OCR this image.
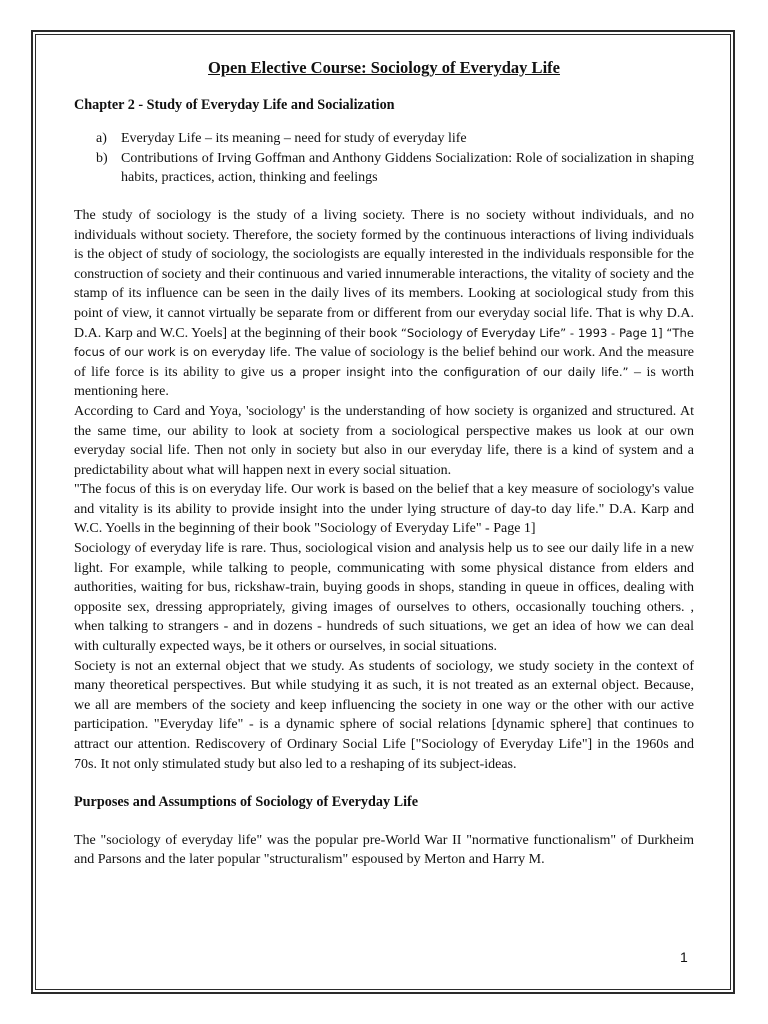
Open Elective Course: Sociology of Everyday Life
Chapter 2 - Study of Everyday Life and Socialization
a)	Everyday Life – its meaning – need for study of everyday life
b) Contributions of Irving Goffman and Anthony Giddens Socialization: Role of socialization in shaping habits, practices, action, thinking and feelings

The study of sociology is the study of a living society. There is no society without individuals, and no individuals without society. Therefore, the society formed by the continuous interactions of living individuals is the object of study of sociology, the sociologists are equally interested in the individuals responsible for the construction of society and their continuous and varied innumerable interactions, the vitality of society and the stamp of its influence can be seen in the daily lives of its members. Looking at sociological study from this point of view, it cannot virtually be separate from or different from our everyday social life. That is why D.A. D.A. Karp and W.C. Yoels] at the beginning of their book “Sociology of Everyday Life” - 1993 - Page 1] “The focus of our work is on everyday life. The value of sociology is the belief behind our work. And the measure of life force is its ability to give us a proper insight into the configuration of our daily life.” – is worth mentioning here.

According to Card and Yoya, 'sociology' is the understanding of how society is organized and structured. At the same time, our ability to look at society from a sociological perspective makes us look at our own everyday social life. Then not only in society but also in our everyday life, there is a kind of system and a predictability about what will happen next in every social situation.

"The focus of this is on everyday life. Our work is based on the belief that a key measure of sociology's value and vitality is its ability to provide insight into the under lying structure of day-to day life." D.A. Karp and W.C. Yoells in the beginning of their book "Sociology of Everyday Life" - Page 1]

Sociology of everyday life is rare. Thus, sociological vision and analysis help us to see our daily life in a new light. For example, while talking to people, communicating with some physical distance from elders and authorities, waiting for bus, rickshaw-train, buying goods in shops, standing in queue in offices, dealing with opposite sex, dressing appropriately, giving images of ourselves to others, occasionally touching others. , when talking to strangers - and in dozens - hundreds of such situations, we get an idea of how we can deal with culturally expected ways, be it others or ourselves, in social situations.

Society is not an external object that we study. As students of sociology, we study society in the context of many theoretical perspectives. But while studying it as such, it is not treated as an external object. Because, we all are members of the society and keep influencing the society in one way or the other with our active participation. "Everyday life" - is a dynamic sphere of social relations [dynamic sphere] that continues to attract our attention. Rediscovery of Ordinary Social Life ["Sociology of Everyday Life"] in the 1960s and 70s. It not only stimulated study but also led to a reshaping of its subject-ideas.

Purposes and Assumptions of Sociology of Everyday Life

The "sociology of everyday life" was the popular pre-World War II "normative functionalism" of Durkheim and Parsons and the later popular "structuralism" espoused by Merton and Harry M.

1
